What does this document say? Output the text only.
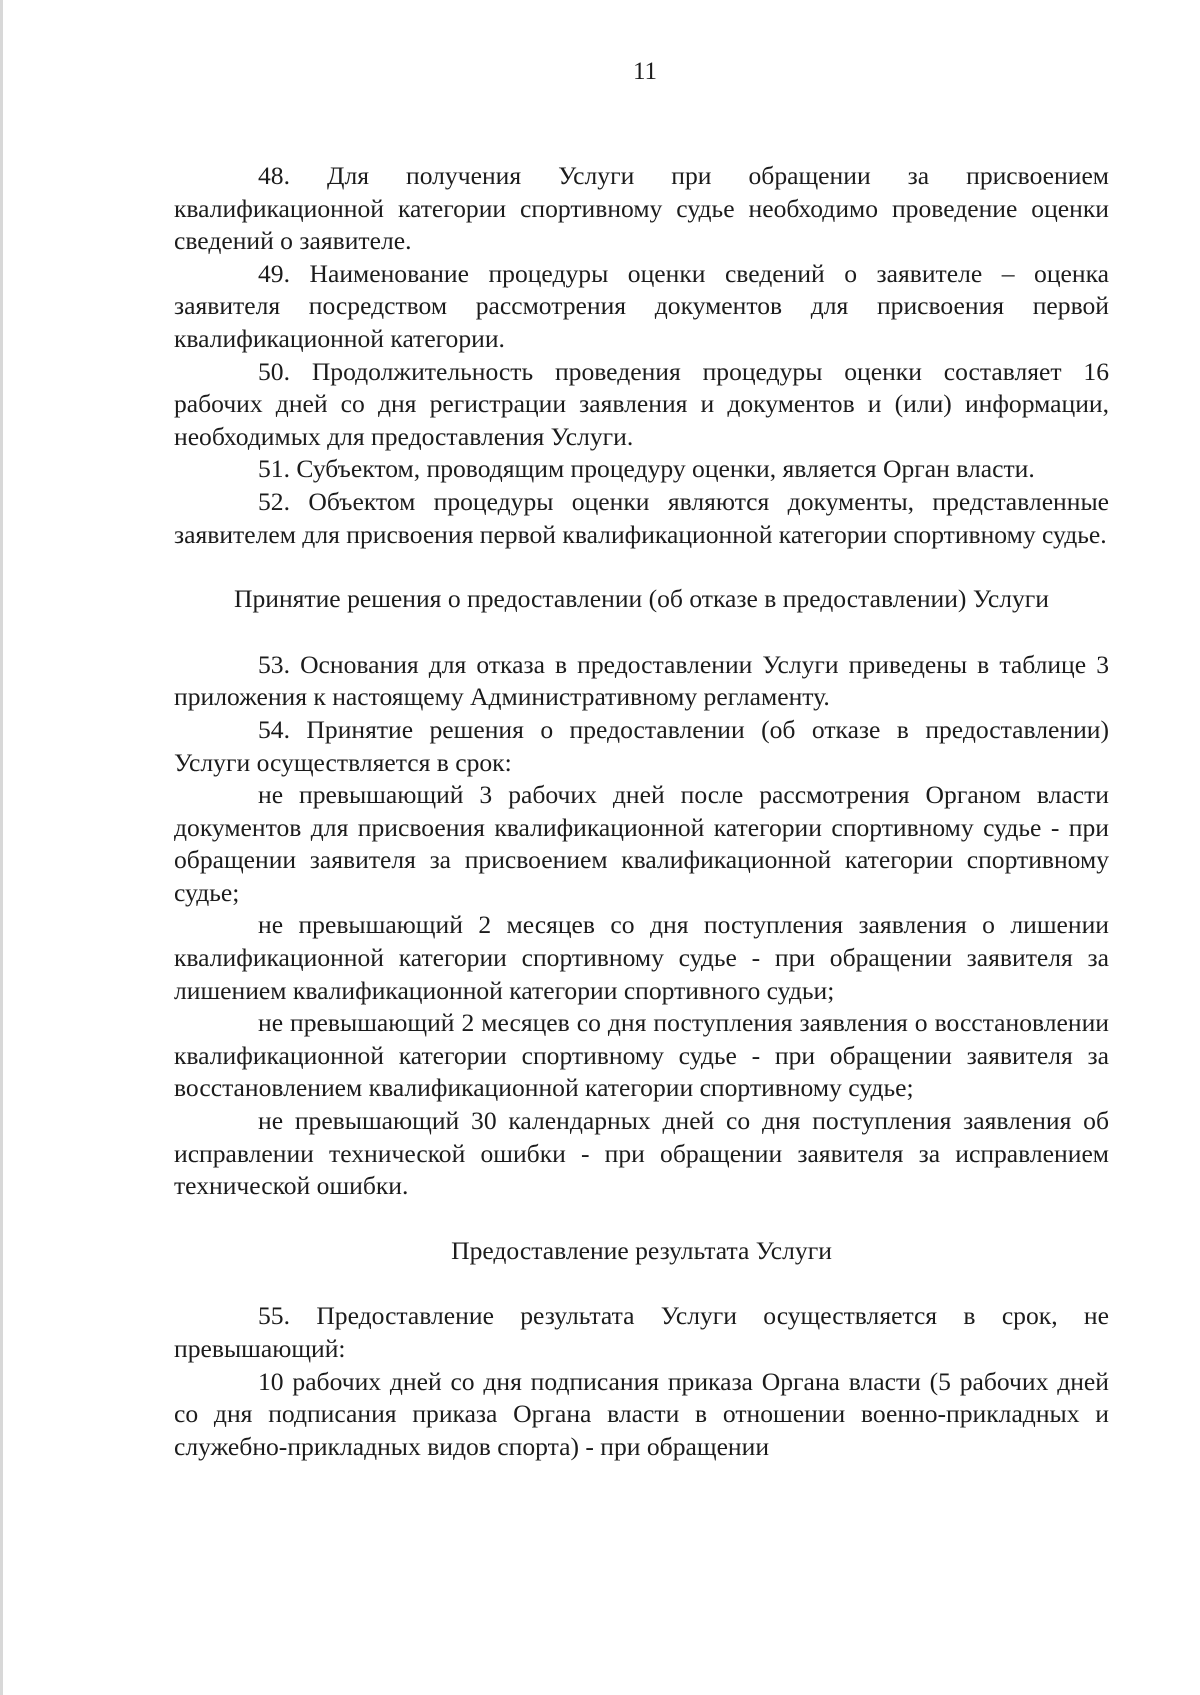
11

48. Для получения Услуги при обращении за присвоением квалификационной категории спортивному судье необходимо проведение оценки сведений о заявителе.

49. Наименование процедуры оценки сведений о заявителе – оценка заявителя посредством рассмотрения документов для присвоения первой квалификационной категории.

50. Продолжительность проведения процедуры оценки составляет 16 рабочих дней со дня регистрации заявления и документов и (или) информации, необходимых для предоставления Услуги.

51. Субъектом, проводящим процедуру оценки, является Орган власти.

52. Объектом процедуры оценки являются документы, представленные заявителем для присвоения первой квалификационной категории спортивному судье.

Принятие решения о предоставлении (об отказе в предоставлении) Услуги

53. Основания для отказа в предоставлении Услуги приведены в таблице 3 приложения к настоящему Административному регламенту.

54. Принятие решения о предоставлении (об отказе в предоставлении) Услуги осуществляется в срок:

не превышающий 3 рабочих дней после рассмотрения Органом власти документов для присвоения квалификационной категории спортивному судье - при обращении заявителя за присвоением квалификационной категории спортивному судье;

не превышающий 2 месяцев со дня поступления заявления о лишении квалификационной категории спортивному судье - при обращении заявителя за лишением квалификационной категории спортивного судьи;

не превышающий 2 месяцев со дня поступления заявления о восстановлении квалификационной категории спортивному судье - при обращении заявителя за восстановлением квалификационной категории спортивному судье;

не превышающий 30 календарных дней со дня поступления заявления об исправлении технической ошибки - при обращении заявителя за исправлением технической ошибки.

Предоставление результата Услуги

55. Предоставление результата Услуги осуществляется в срок, не превышающий:

10 рабочих дней со дня подписания приказа Органа власти (5 рабочих дней со дня подписания приказа Органа власти в отношении военно-прикладных и служебно-прикладных видов спорта) - при обращении
